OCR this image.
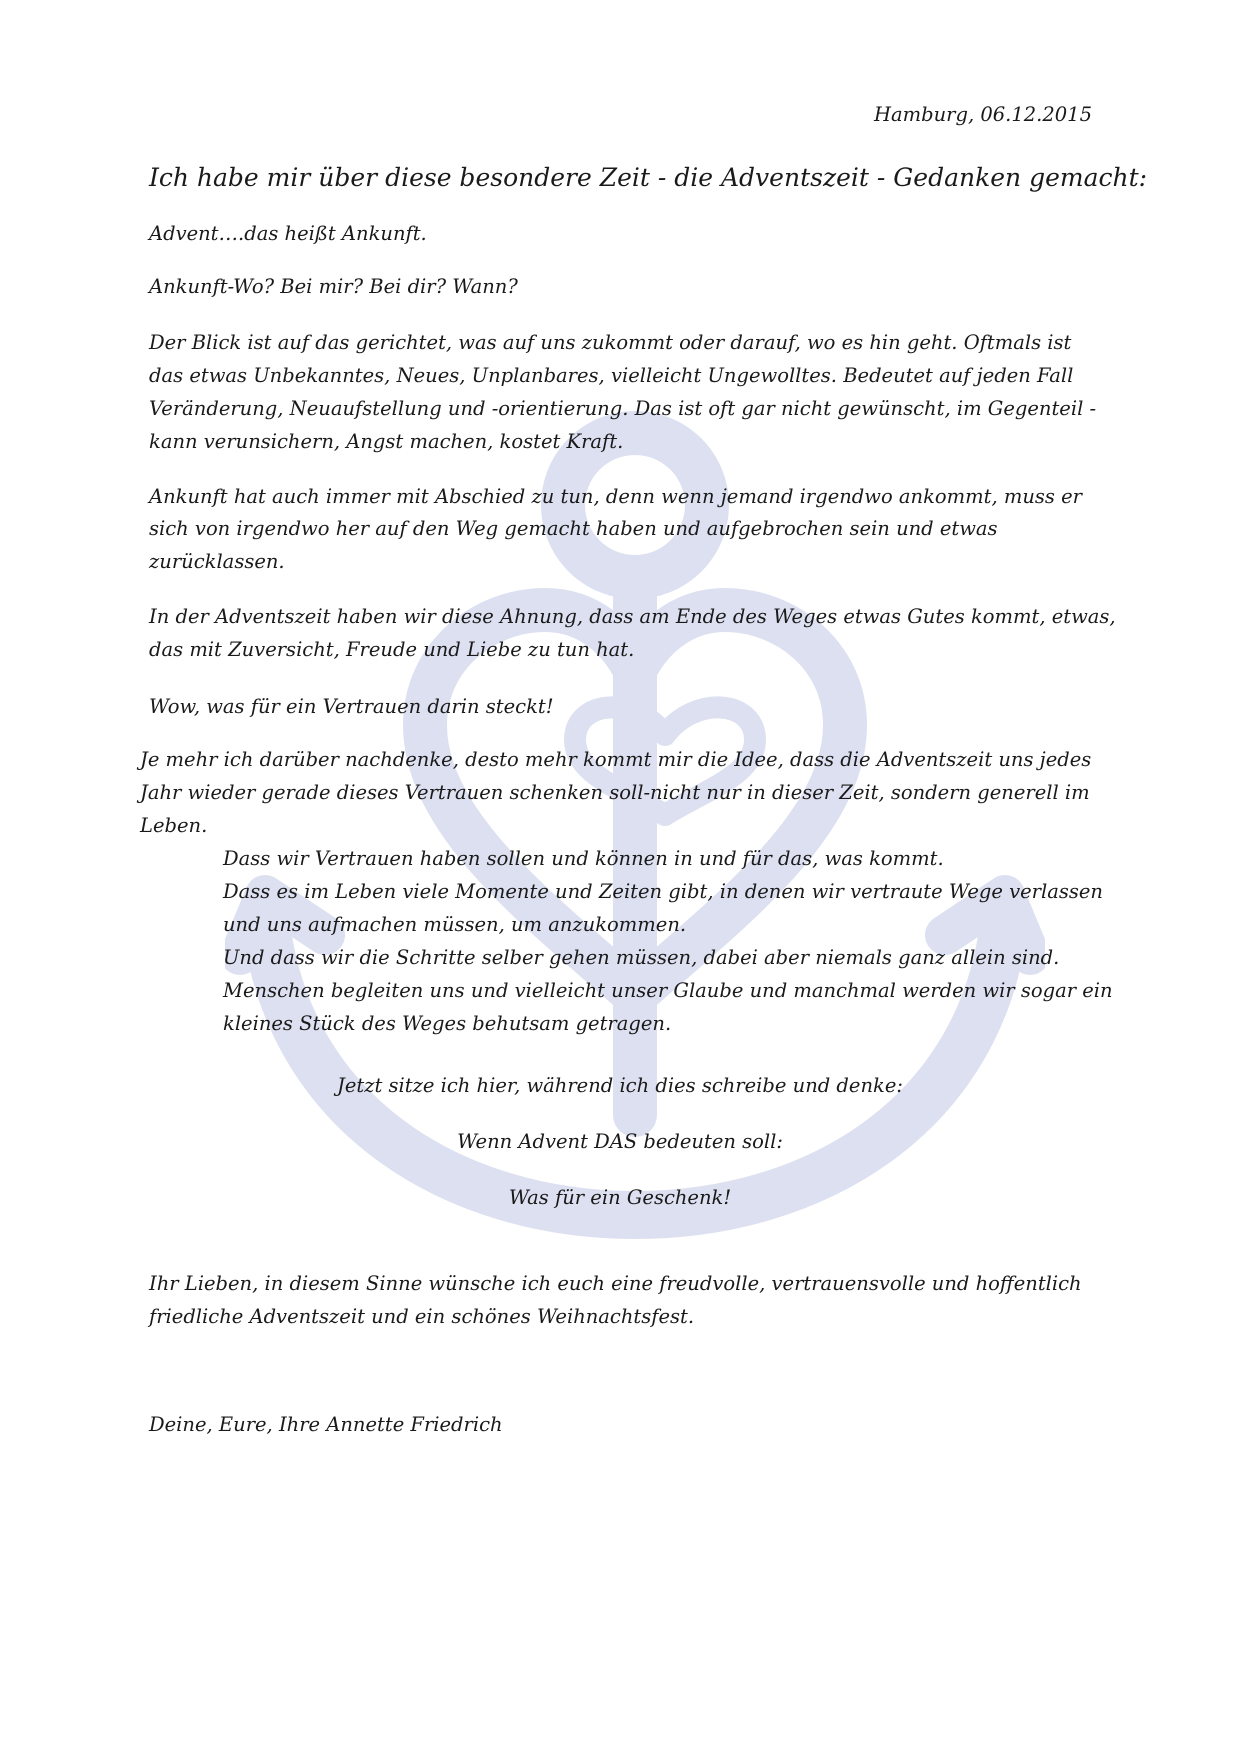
Hamburg, 06.12.2015
Ich habe mir über diese besondere Zeit - die Adventszeit - Gedanken gemacht:
Advent….das heißt Ankunft.
Ankunft-Wo? Bei mir? Bei dir? Wann?
Der Blick ist auf das gerichtet, was auf uns zukommt oder darauf, wo es hin geht. Oftmals ist
das etwas Unbekanntes, Neues, Unplanbares, vielleicht Ungewolltes. Bedeutet auf jeden Fall
Veränderung, Neuaufstellung und -orientierung. Das ist oft gar nicht gewünscht, im Gegenteil -
kann verunsichern, Angst machen, kostet Kraft.
Ankunft hat auch immer mit Abschied zu tun, denn wenn jemand irgendwo ankommt, muss er
sich von irgendwo her auf den Weg gemacht haben und aufgebrochen sein und etwas
zurücklassen.
In der Adventszeit haben wir diese Ahnung, dass am Ende des Weges etwas Gutes kommt, etwas,
das mit Zuversicht, Freude und Liebe zu tun hat.
Wow, was für ein Vertrauen darin steckt!
Je mehr ich darüber nachdenke, desto mehr kommt mir die Idee, dass die Adventszeit uns jedes
Jahr wieder gerade dieses Vertrauen schenken soll-nicht nur in dieser Zeit, sondern generell im
Leben.
Dass wir Vertrauen haben sollen und können in und für das, was kommt.
Dass es im Leben viele Momente und Zeiten gibt, in denen wir vertraute Wege verlassen
und uns aufmachen müssen, um anzukommen.
Und dass wir die Schritte selber gehen müssen, dabei aber niemals ganz allein sind.
Menschen begleiten uns und vielleicht unser Glaube und manchmal werden wir sogar ein
kleines Stück des Weges behutsam getragen.
Jetzt sitze ich hier, während ich dies schreibe und denke:
Wenn Advent DAS bedeuten soll:
Was für ein Geschenk!
Ihr Lieben, in diesem Sinne wünsche ich euch eine freudvolle, vertrauensvolle und hoffentlich
friedliche Adventszeit und ein schönes Weihnachtsfest.
Deine, Eure, Ihre Annette Friedrich
